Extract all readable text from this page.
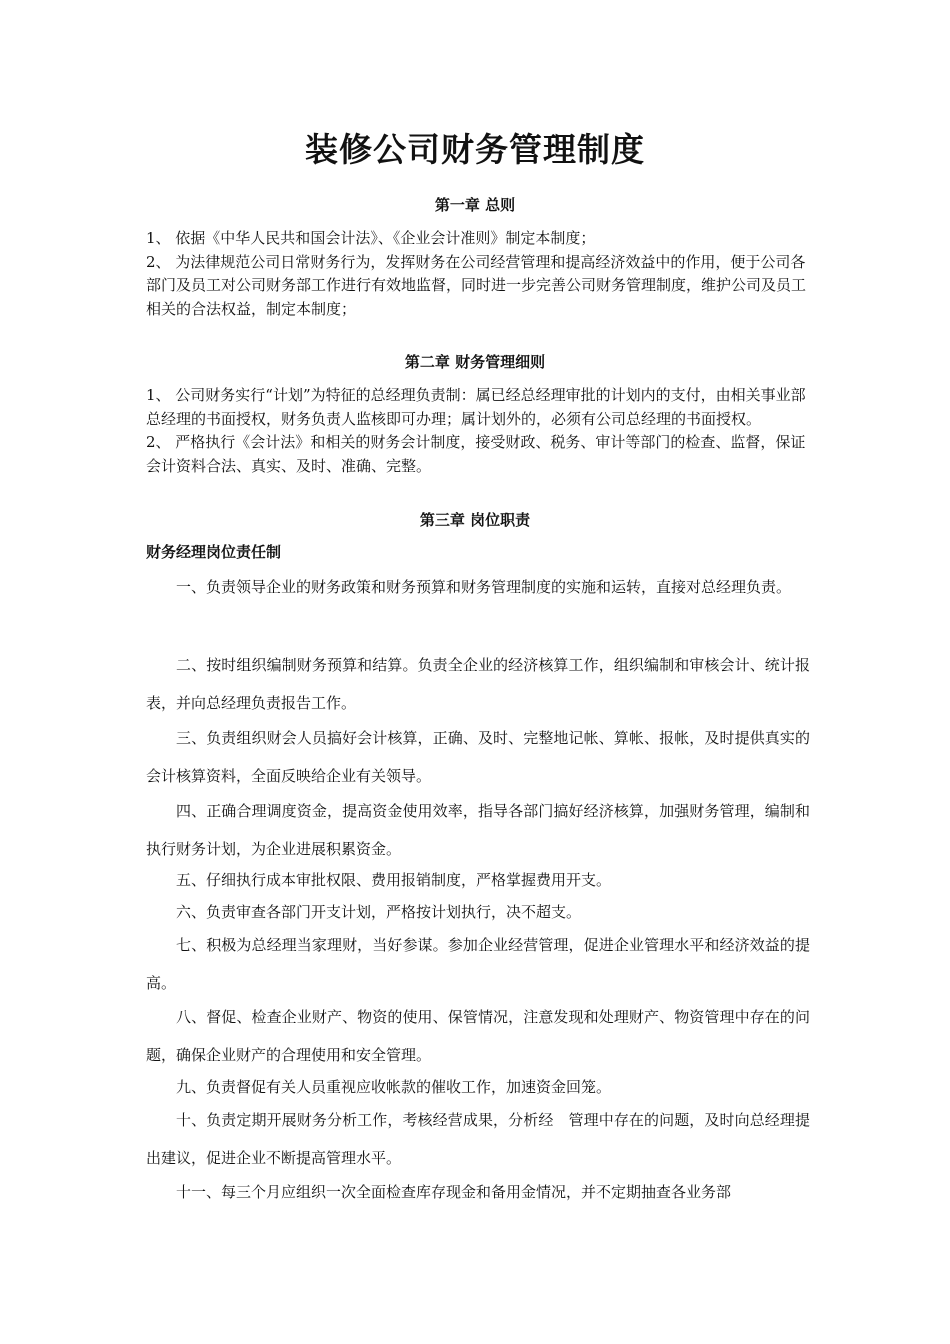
装修公司财务管理制度
第一章 总则

1、 依据《中华人民共和国会计法》、《企业会计准则》制定本制度；

2、 为法律规范公司日常财务行为，发挥财务在公司经营管理和提高经济效益中的作用，便于公司各部门及员工对公司财务部工作进行有效地监督，同时进一步完善公司财务管理制度，维护公司及员工相关的合法权益，制定本制度；

第二章 财务管理细则

1、 公司财务实行“计划”为特征的总经理负责制：属已经总经理审批的计划内的支付，由相关事业部总经理的书面授权，财务负责人监核即可办理；属计划外的，必须有公司总经理的书面授权。

2、 严格执行《会计法》和相关的财务会计制度，接受财政、税务、审计等部门的检查、监督，保证会计资料合法、真实、及时、准确、完整。

第三章 岗位职责
财务经理岗位责任制

一、负责领导企业的财务政策和财务预算和财务管理制度的实施和运转，直接对总经理负责。

二、按时组织编制财务预算和结算。负责全企业的经济核算工作，组织编制和审核会计、统计报表，并向总经理负责报告工作。

三、负责组织财会人员搞好会计核算，正确、及时、完整地记帐、算帐、报帐，及时提供真实的会计核算资料，全面反映给企业有关领导。

四、正确合理调度资金，提高资金使用效率，指导各部门搞好经济核算，加强财务管理，编制和执行财务计划，为企业进展积累资金。

五、仔细执行成本审批权限、费用报销制度，严格掌握费用开支。

六、负责审查各部门开支计划，严格按计划执行，决不超支。

七、积极为总经理当家理财，当好参谋。参加企业经营管理，促进企业管理水平和经济效益的提高。

八、督促、检查企业财产、物资的使用、保管情况，注意发现和处理财产、物资管理中存在的问题，确保企业财产的合理使用和安全管理。

九、负责督促有关人员重视应收帐款的催收工作，加速资金回笼。

十、负责定期开展财务分析工作，考核经营成果，分析经　管理中存在的问题，及时向总经理提出建议，促进企业不断提高管理水平。

十一、每三个月应组织一次全面检查库存现金和备用金情况，并不定期抽查各业务部
